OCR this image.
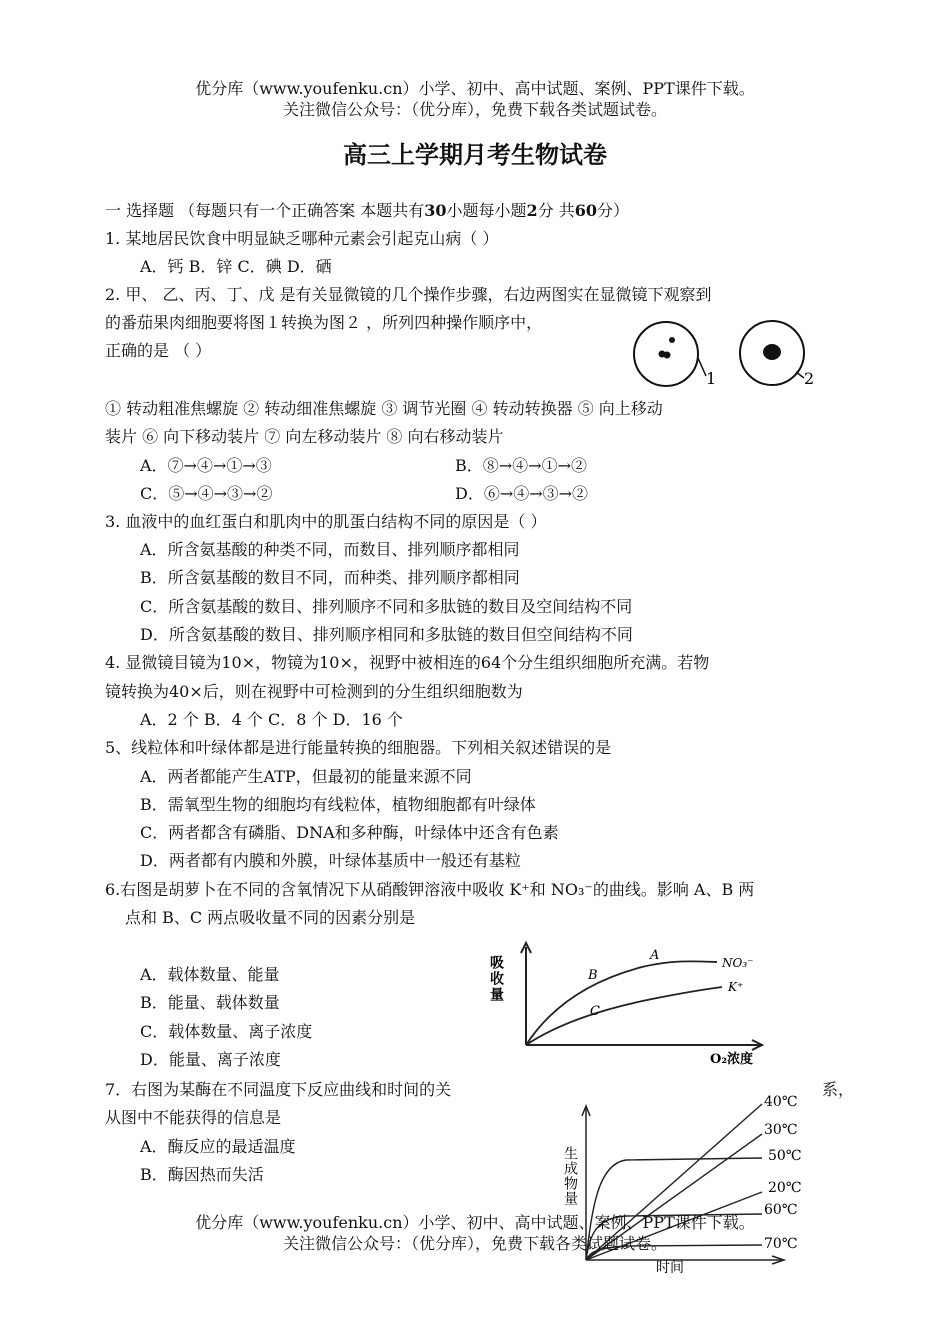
优分库（www.youfenku.cn）小学、初中、高中试题、案例、PPT课件下载。
关注微信公众号：（优分库），免费下载各类试题试卷。
高三上学期月考生物试卷
一 选择题 （每题只有一个正确答案 本题共有30小题每小题2分 共60分）
1. 某地居民饮食中明显缺乏哪种元素会引起克山病（ ）
A．钙 B．锌 C．碘 D．硒
2. 甲、 乙、丙、丁、戊 是有关显微镜的几个操作步骤，右边两图实在显微镜下观察到
的番茄果肉细胞要将图１转换为图２ ，所列四种操作顺序中，
正确的是 （ ）
1	2
① 转动粗准焦螺旋 ② 转动细准焦螺旋 ③ 调节光圈 ④ 转动转换器 ⑤ 向上移动
装片 ⑥ 向下移动装片 ⑦ 向左移动装片 ⑧ 向右移动装片
A．⑦→④→①→③	B．⑧→④→①→②
C．⑤→④→③→②	D．⑥→④→③→②
3. 血液中的血红蛋白和肌肉中的肌蛋白结构不同的原因是（ ）
A．所含氨基酸的种类不同，而数目、排列顺序都相同
B．所含氨基酸的数目不同，而种类、排列顺序都相同
C．所含氨基酸的数目、排列顺序不同和多肽链的数目及空间结构不同
D．所含氨基酸的数目、排列顺序相同和多肽链的数目但空间结构不同
4. 显微镜目镜为10×，物镜为10×，视野中被相连的64个分生组织细胞所充满。若物
镜转换为40×后，则在视野中可检测到的分生组织细胞数为
A．2 个 B．4 个 C．8 个 D．16 个
5、线粒体和叶绿体都是进行能量转换的细胞器。下列相关叙述错误的是
A．两者都能产生ATP，但最初的能量来源不同
B．需氧型生物的细胞均有线粒体，植物细胞都有叶绿体
C．两者都含有磷脂、DNA和多种酶，叶绿体中还含有色素
D．两者都有内膜和外膜，叶绿体基质中一般还有基粒
6.右图是胡萝卜在不同的含氧情况下从硝酸钾溶液中吸收 K⁺和 NO₃⁻的曲线。影响 A、B 两
点和 B、C 两点吸收量不同的因素分别是
A．载体数量、能量
B．能量、载体数量
C．载体数量、离子浓度
D．能量、离子浓度
吸收量
O₂浓度
A
B
C
NO₃⁻
K⁺
7．右图为某酶在不同温度下反应曲线和时间的关	系，
从图中不能获得的信息是
A．酶反应的最适温度
B．酶因热而失活	生成物量
时间
40℃
30℃
50℃
20℃
60℃
70℃
优分库（www.youfenku.cn）小学、初中、高中试题、案例、PPT课件下载。
关注微信公众号：（优分库），免费下载各类试题试卷。
